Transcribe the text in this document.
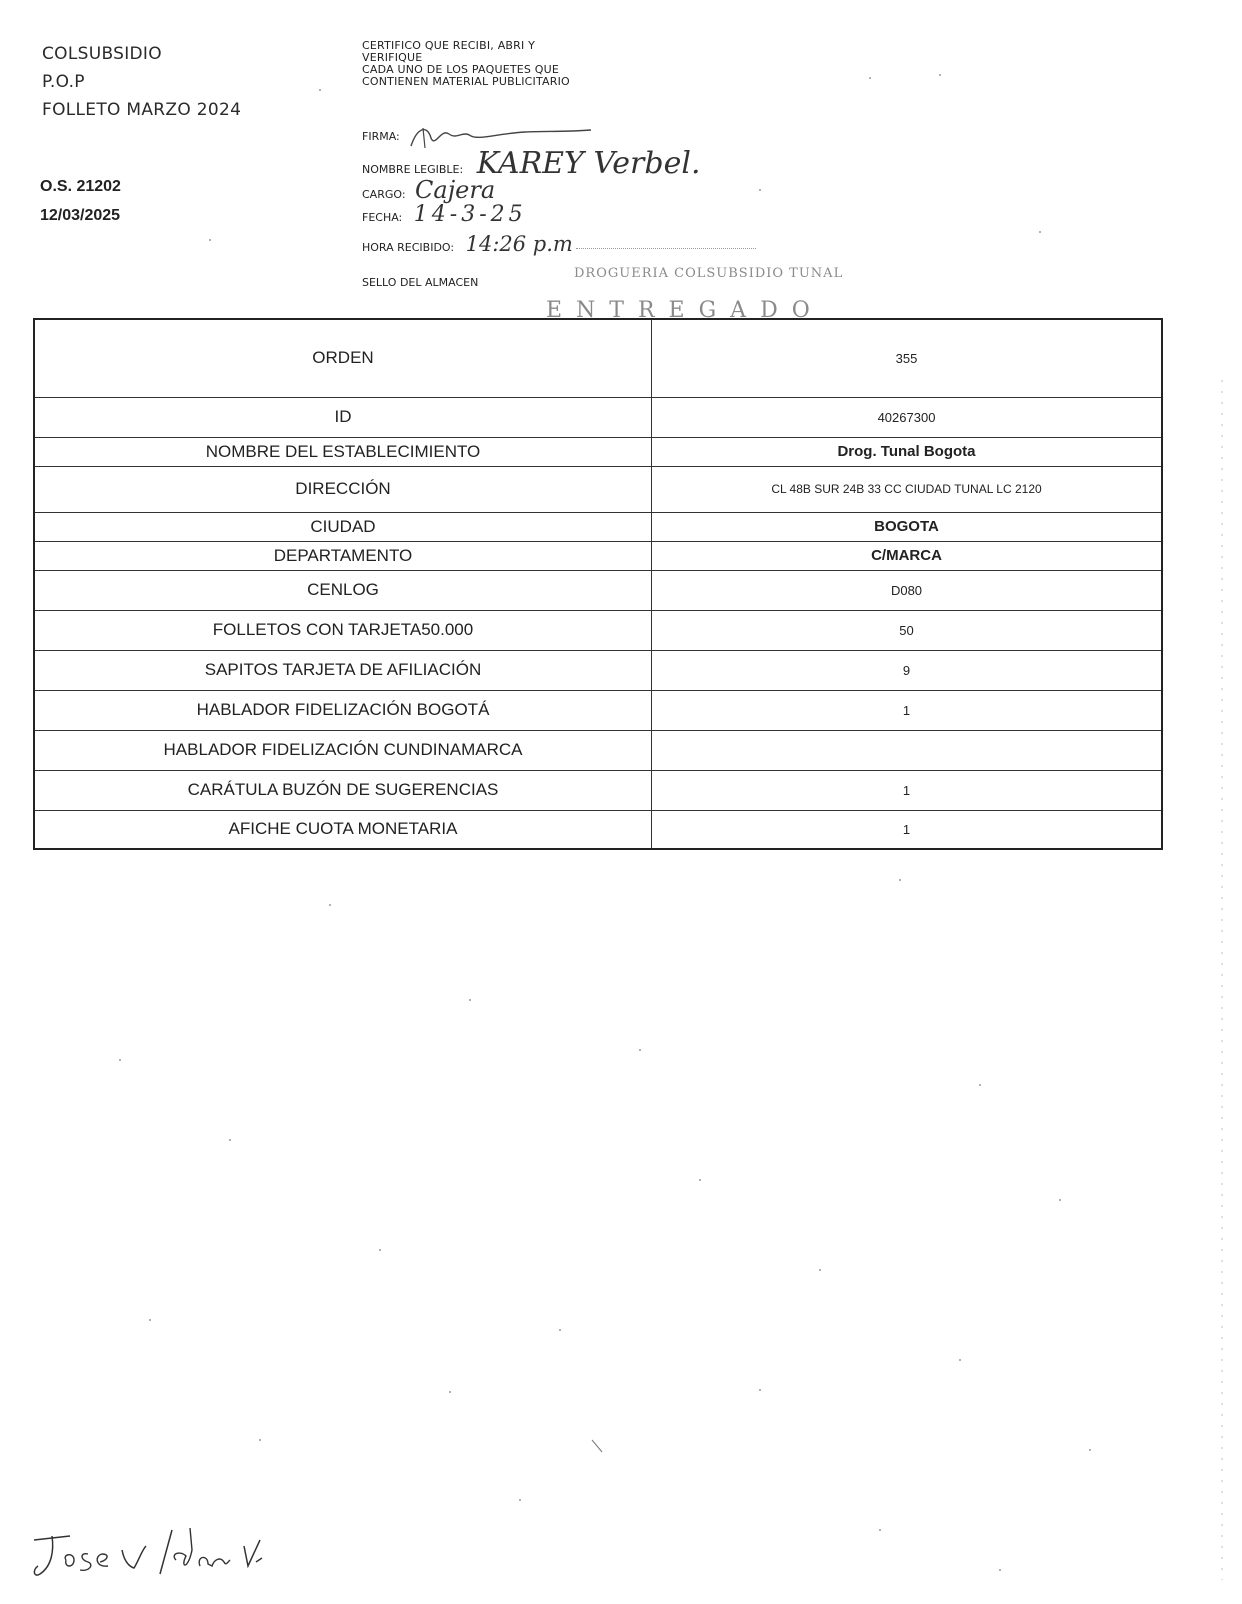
COLSUBSIDIO
P.O.P
FOLLETO MARZO 2024
O.S. 21202
12/03/2025
CERTIFICO QUE RECIBI, ABRI Y
VERIFIQUE
CADA UNO DE LOS PAQUETES QUE
CONTIENEN MATERIAL PUBLICITARIO
FIRMA:
NOMBRE LEGIBLE: KAREY Verbel.
CARGO: Cajera
FECHA: 14-3-25
HORA RECIBIDO: 14:26 p.m
SELLO DEL ALMACEN
DROGUERIA COLSUBSIDIO TUNAL
ENTREGADO
ORDEN	355
ID	40267300
NOMBRE DEL ESTABLECIMIENTO	Drog. Tunal Bogota
DIRECCIÓN	CL 48B SUR 24B 33 CC CIUDAD TUNAL LC 2120
CIUDAD	BOGOTA
DEPARTAMENTO	C/MARCA
CENLOG	D080
FOLLETOS CON TARJETA50.000	50
SAPITOS TARJETA DE AFILIACIÓN	9
HABLADOR FIDELIZACIÓN BOGOTÁ	1
HABLADOR FIDELIZACIÓN CUNDINAMARCA	
CARÁTULA BUZÓN DE SUGERENCIAS	1
AFICHE CUOTA MONETARIA	1
